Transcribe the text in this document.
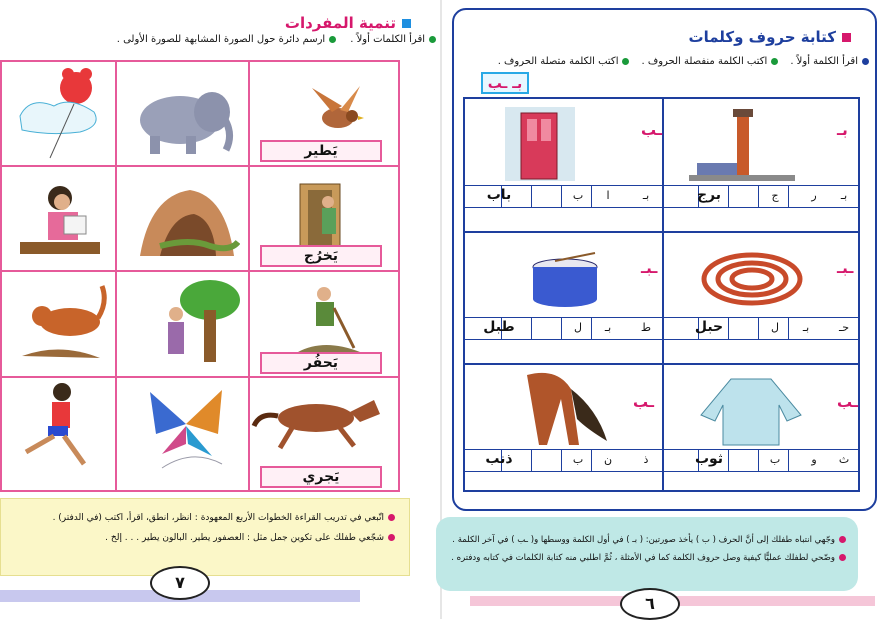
تنمية المفردات
اقرأ الكلمات أولاً .
ارسم دائرة حول الصورة المشابهة للصورة الأولى .
يَطير
يَخرُج
يَحفُر
يَجري
اتّبعي في تدريب القراءة الخطوات الأربع المعهودة : انظر، انطق، اقرأ، اكتب (في الدفتر) .
شجّعي طفلك على تكوين جمل مثل : العصفور يطير. البالون يطير . . . إلخ .
٧
كتابة حروف وكلمات
اقرأ الكلمة أولاً .
اكتب الكلمة منفصلة الحروف .
اكتب الكلمة متصلة الحروف .
بـ ـب
بـ
بـ
ر
ج
برج
ـب
بـ
ا
ب
باب
ـبـ
حـ
بـ
ل
حبل
ـبـ
ط
بـ
ل
طبل
ـب
ث
و
ب
ثوب
ـب
ذ
ن
ب
ذنب
وجّهي انتباه طفلك إلى أنَّ الحرف ( ب ) يأخذ صورتين: ( بـ ) في أول الكلمة ووسطها و( ـب ) في آخر الكلمة .
وضّحي لطفلك عمليًّا كيفية وصل حروف الكلمة كما في الأمثلة ، ثُمَّ اطلبي منه كتابة الكلمات في كتابه ودفتره .
٦
